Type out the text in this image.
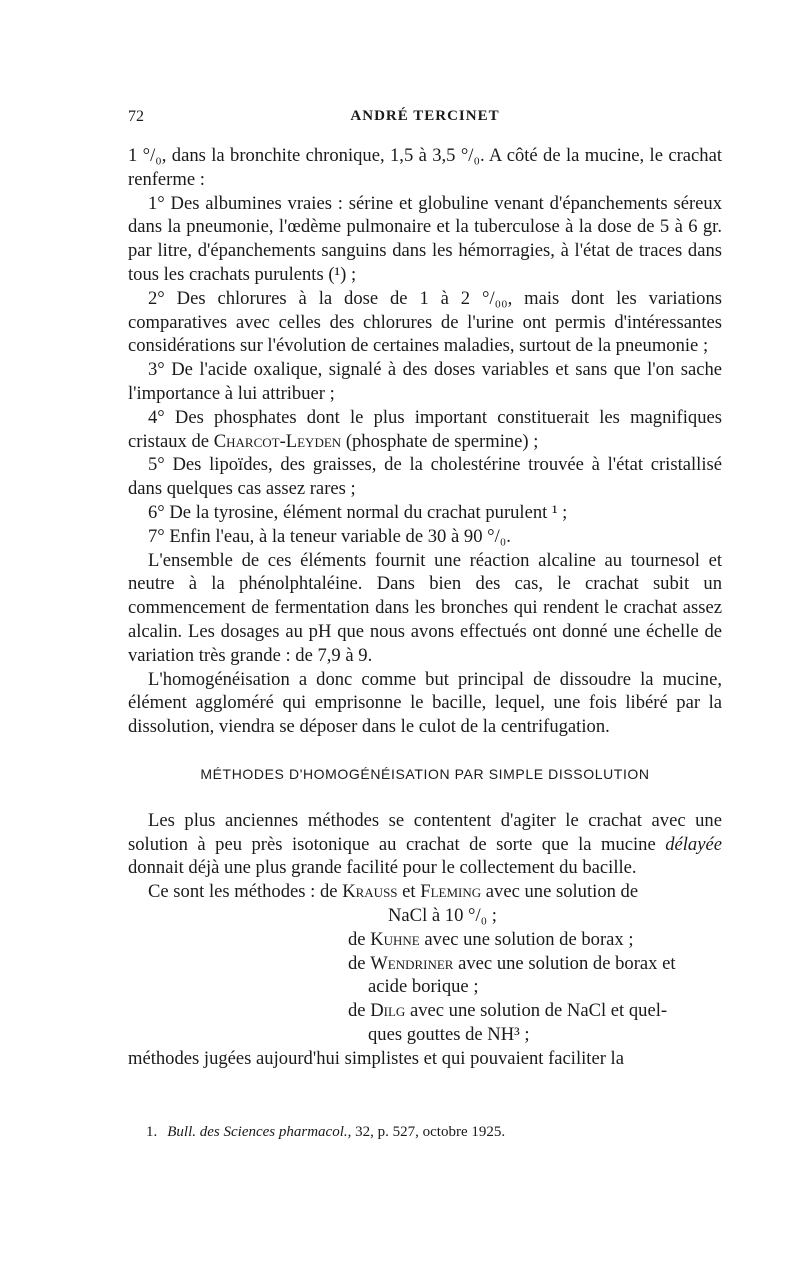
72	ANDRÉ TERCINET

1 °/₀, dans la bronchite chronique, 1,5 à 3,5 °/₀. A côté de la mucine, le crachat renferme :

1° Des albumines vraies : sérine et globuline venant d'épanchements séreux dans la pneumonie, l'œdème pulmonaire et la tuberculose à la dose de 5 à 6 gr. par litre, d'épanchements sanguins dans les hémorragies, à l'état de traces dans tous les crachats purulents (¹) ;

2° Des chlorures à la dose de 1 à 2 °/₀₀, mais dont les variations comparatives avec celles des chlorures de l'urine ont permis d'intéressantes considérations sur l'évolution de certaines maladies, surtout de la pneumonie ;

3° De l'acide oxalique, signalé à des doses variables et sans que l'on sache l'importance à lui attribuer ;

4° Des phosphates dont le plus important constituerait les magnifiques cristaux de Charcot-Leyden (phosphate de spermine) ;

5° Des lipoïdes, des graisses, de la cholestérine trouvée à l'état cristallisé dans quelques cas assez rares ;

6° De la tyrosine, élément normal du crachat purulent ¹ ;

7° Enfin l'eau, à la teneur variable de 30 à 90 °/₀.

L'ensemble de ces éléments fournit une réaction alcaline au tournesol et neutre à la phénolphtaléine. Dans bien des cas, le crachat subit un commencement de fermentation dans les bronches qui rendent le crachat assez alcalin. Les dosages au pH que nous avons effectués ont donné une échelle de variation très grande : de 7,9 à 9.

L'homogénéisation a donc comme but principal de dissoudre la mucine, élément aggloméré qui emprisonne le bacille, lequel, une fois libéré par la dissolution, viendra se déposer dans le culot de la centrifugation.

MÉTHODES D'HOMOGÉNÉISATION PAR SIMPLE DISSOLUTION

Les plus anciennes méthodes se contentent d'agiter le crachat avec une solution à peu près isotonique au crachat de sorte que la mucine délayée donnait déjà une plus grande facilité pour le collectement du bacille.

Ce sont les méthodes : de Krauss et Fleming avec une solution de
NaCl à 10 °/₀ ;

de Kuhne avec une solution de borax ;

de Wendriner avec une solution de borax et
acide borique ;

de Dilg avec une solution de NaCl et quel-
ques gouttes de NH³ ;

méthodes jugées aujourd'hui simplistes et qui pouvaient faciliter la

1. Bull. des Sciences pharmacol., 32, p. 527, octobre 1925.
